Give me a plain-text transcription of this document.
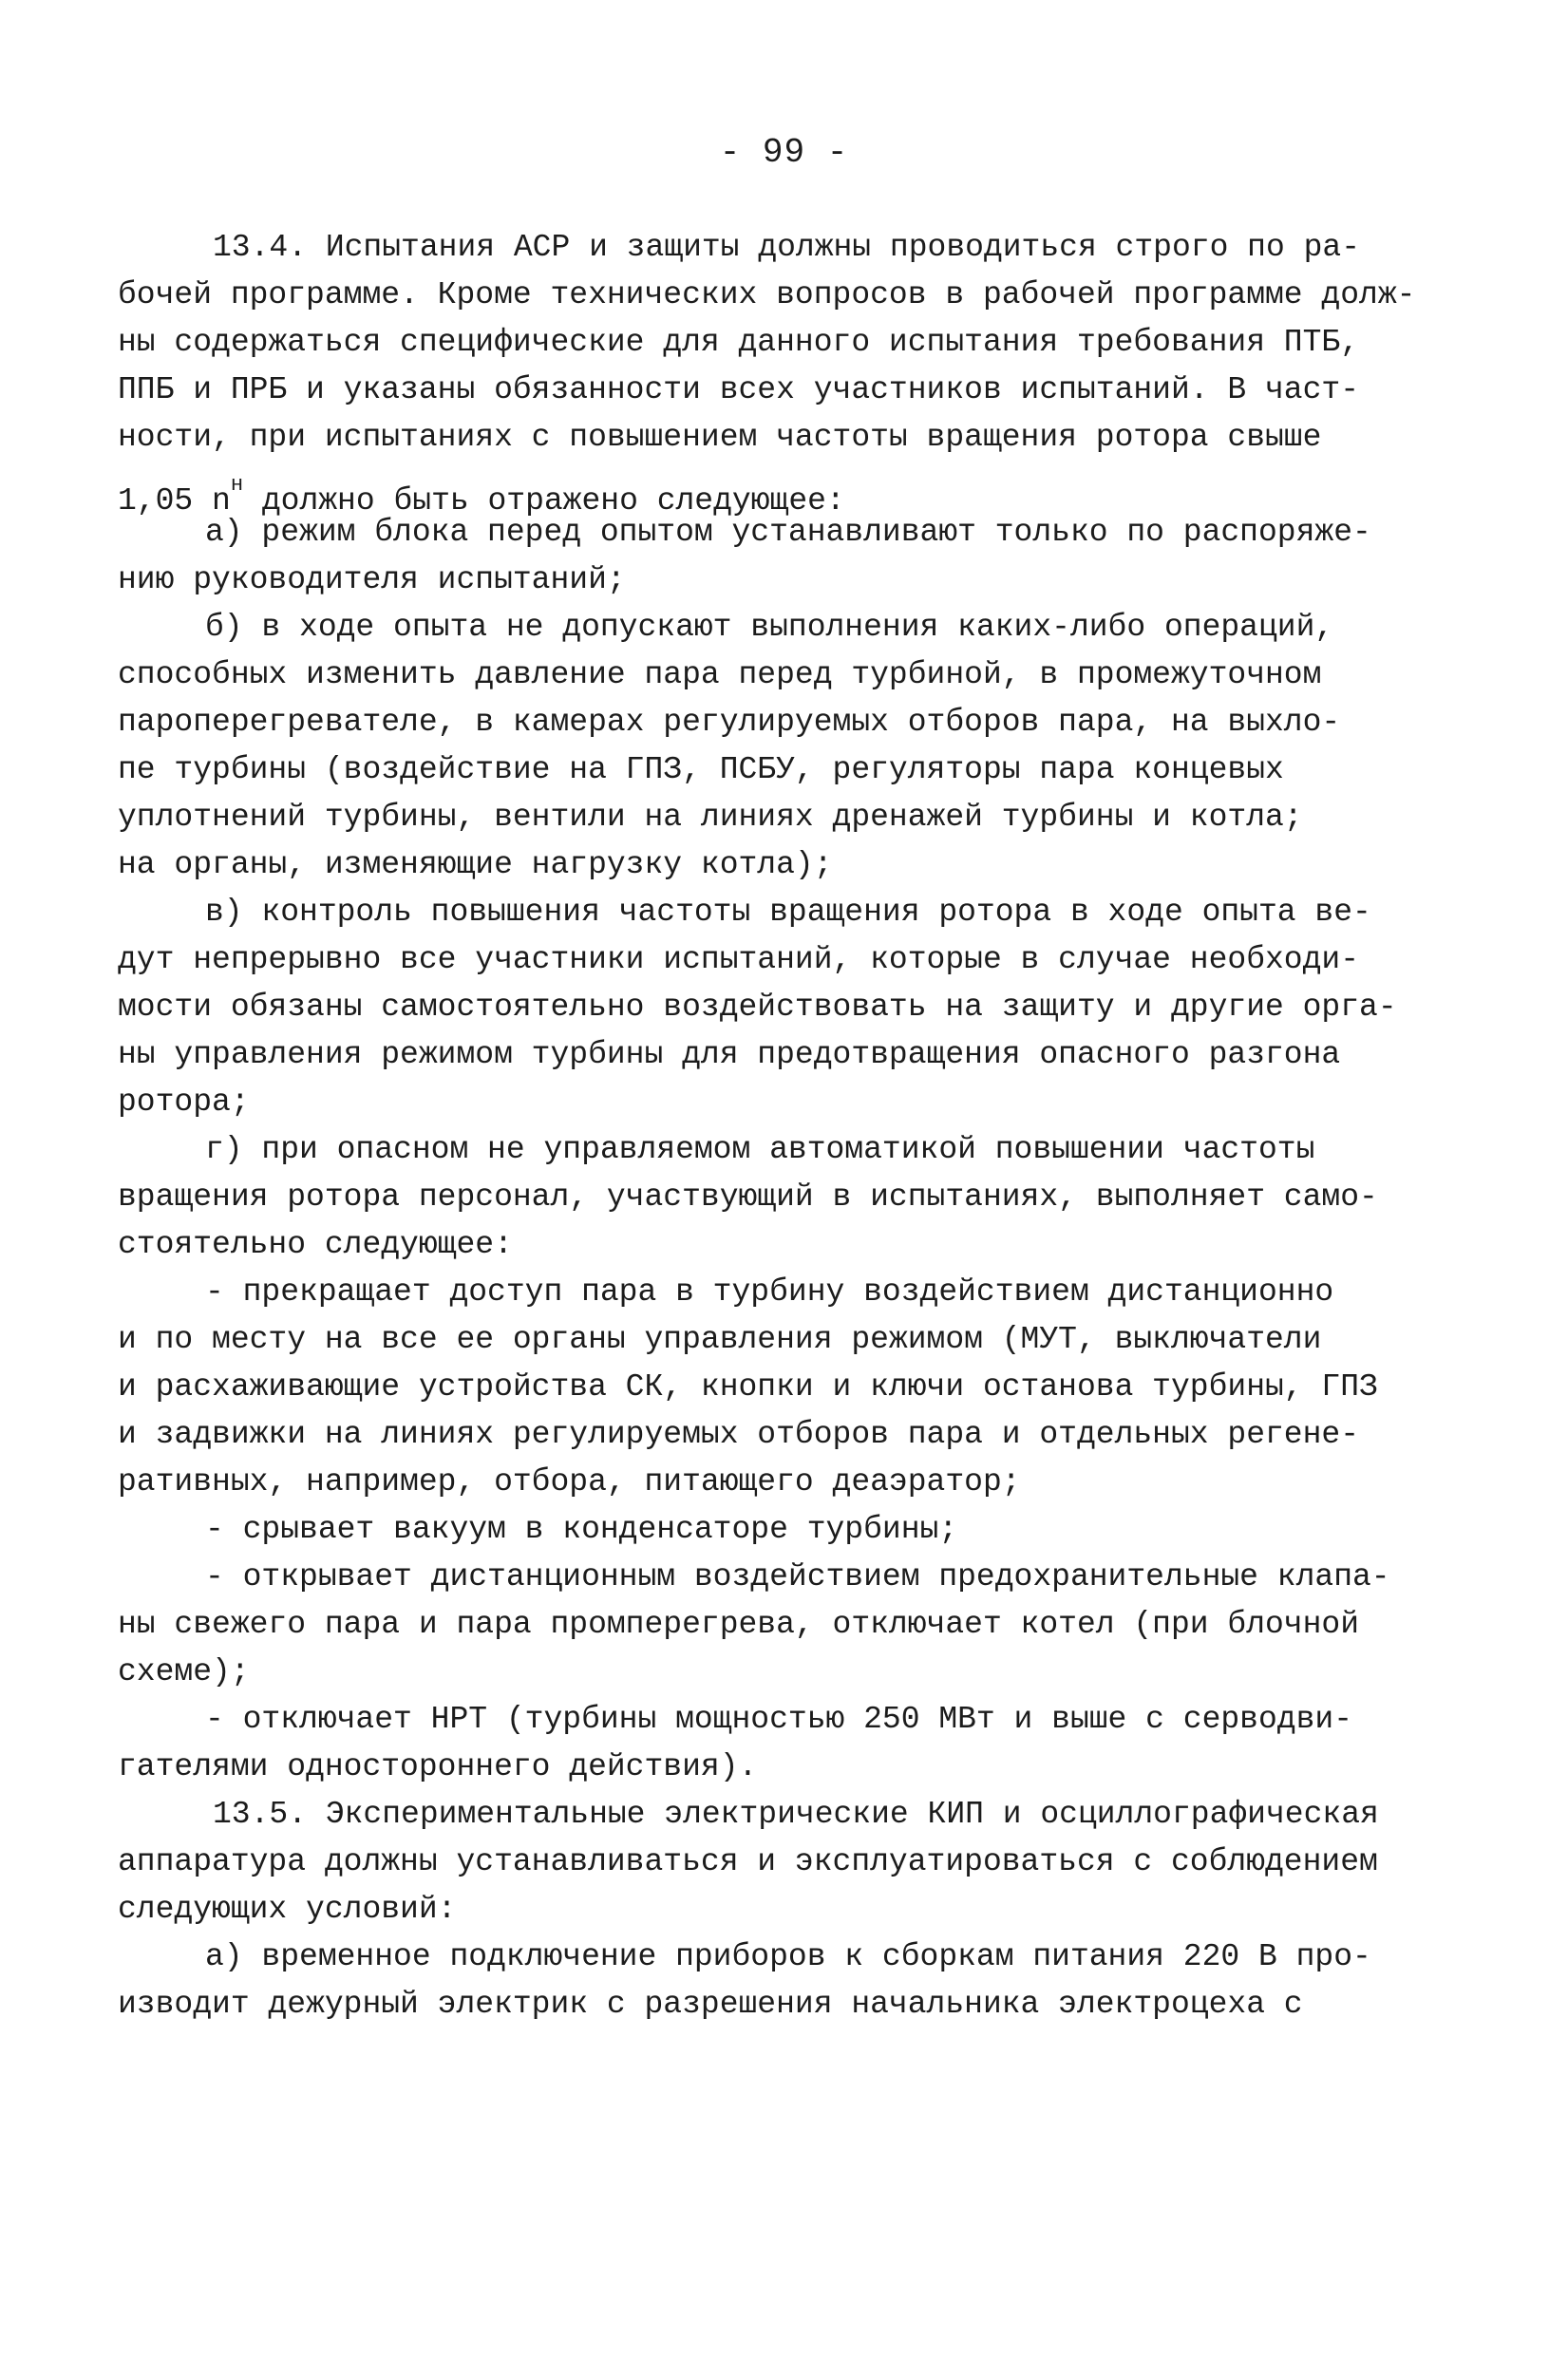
- 99 -
13.4. Испытания АСР и защиты должны проводиться строго по ра-
бочей программе. Кроме технических вопросов в рабочей программе долж-
ны содержаться специфические для данного испытания требования ПТБ,
ППБ и ПРБ и указаны обязанности всех участников испытаний. В част-
ности, при испытаниях с повышением частоты вращения ротора свыше
1,05 $n^н$ должно быть отражено следующее:
а) режим блока перед опытом устанавливают только по распоряже-
нию руководителя испытаний;
б) в ходе опыта не допускают выполнения каких-либо операций,
способных изменить давление пара перед турбиной, в промежуточном
пароперегревателе, в камерах регулируемых отборов пара, на выхло-
пе турбины (воздействие на ГПЗ, ПСБУ, регуляторы пара концевых
уплотнений турбины, вентили на линиях дренажей турбины и котла;
на органы, изменяющие нагрузку котла);
в) контроль повышения частоты вращения ротора в ходе опыта ве-
дут непрерывно все участники испытаний, которые в случае необходи-
мости обязаны самостоятельно воздействовать на защиту и другие орга-
ны управления режимом турбины для предотвращения опасного разгона
ротора;
г) при опасном не управляемом автоматикой повышении частоты
вращения ротора персонал, участвующий в испытаниях, выполняет само-
стоятельно следующее:
- прекращает доступ пара в турбину воздействием дистанционно
и по месту на все ее органы управления режимом (МУТ, выключатели
и расхаживающие устройства СК, кнопки и ключи останова турбины, ГПЗ
и задвижки на линиях регулируемых отборов пара и отдельных регене-
ративных, например, отбора, питающего деаэратор;
- срывает вакуум в конденсаторе турбины;
- открывает дистанционным воздействием предохранительные клапа-
ны свежего пара и пара промперегрева, отключает котел (при блочной
схеме);
- отключает НРТ (турбины мощностью 250 МВт и выше с серводви-
гателями одностороннего действия).
13.5. Экспериментальные электрические КИП и осциллографическая
аппаратура должны устанавливаться и эксплуатироваться с соблюдением
следующих условий:
а) временное подключение приборов к сборкам питания 220 В про-
изводит дежурный электрик с разрешения начальника электроцеха с
